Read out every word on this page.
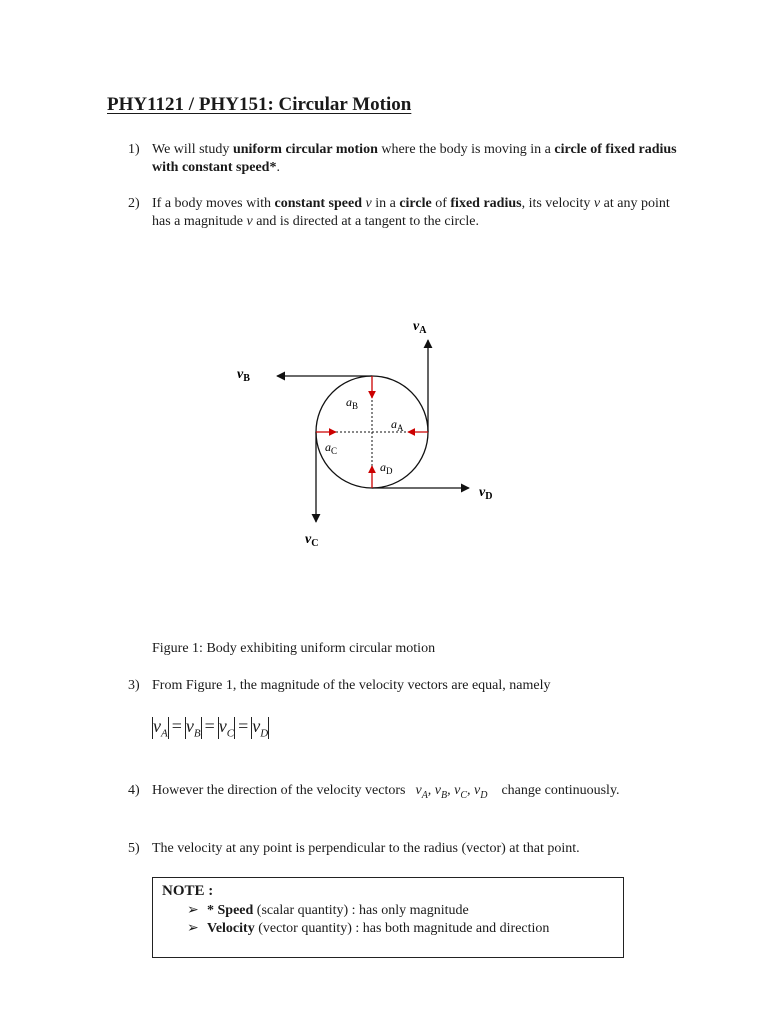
PHY1121 / PHY151: Circular Motion
1) We will study uniform circular motion where the body is moving in a circle of fixed radius with constant speed*.
2) If a body moves with constant speed v in a circle of fixed radius, its velocity v at any point has a magnitude v and is directed at a tangent to the circle.
$v_A$
$v_B$
$v_C$
$v_D$
$a_A$
$a_B$
$a_C$
$a_D$
Figure 1: Body exhibiting uniform circular motion
3) From Figure 1, the magnitude of the velocity vectors are equal, namely
$v_A = v_B = v_C = v_D$
4) However the direction of the velocity vectors $v_A$, $v_B$, $v_C$, $v_D$ change continuously.
5) The velocity at any point is perpendicular to the radius (vector) at that point.
NOTE :
➢ * Speed (scalar quantity) : has only magnitude
➢ Velocity (vector quantity) : has both magnitude and direction
